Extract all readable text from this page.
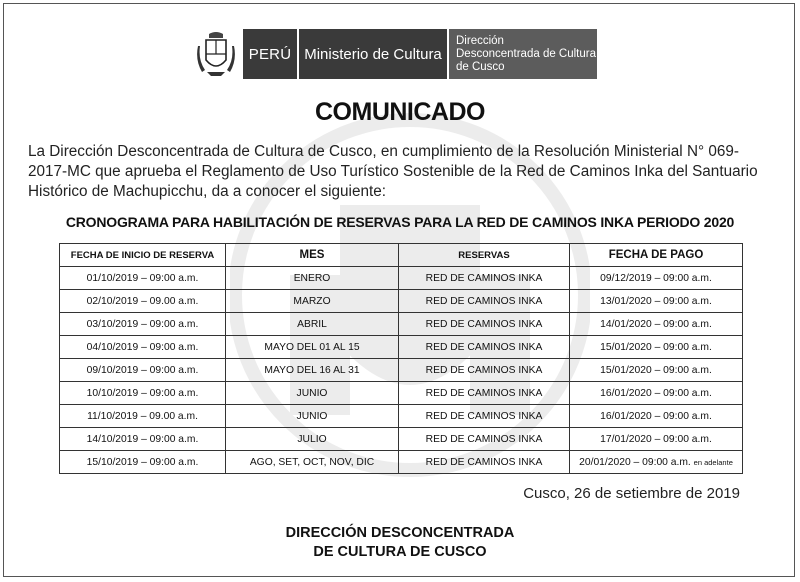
PERÚ Ministerio de Cultura
Dirección
Desconcentrada de Cultura
de Cusco
COMUNICADO
La Dirección Desconcentrada de Cultura de Cusco, en cumplimiento de la Resolución Ministerial N° 069-2017-MC que aprueba el Reglamento de Uso Turístico Sostenible de la Red de Caminos Inka del Santuario Histórico de Machupicchu, da a conocer el siguiente:
CRONOGRAMA PARA HABILITACIÓN DE RESERVAS PARA LA RED DE CAMINOS INKA PERIODO 2020
FECHA DE INICIO DE RESERVA	MES	RESERVAS	FECHA DE PAGO
01/10/2019 – 09:00 a.m.	ENERO	RED DE CAMINOS INKA	09/12/2019 – 09:00 a.m.
02/10/2019 – 09.00 a.m.	MARZO	RED DE CAMINOS INKA	13/01/2020 – 09:00 a.m.
03/10/2019 – 09:00 a.m.	ABRIL	RED DE CAMINOS INKA	14/01/2020 – 09:00 a.m.
04/10/2019 – 09:00 a.m.	MAYO DEL 01 AL 15	RED DE CAMINOS INKA	15/01/2020 – 09:00 a.m.
09/10/2019 – 09:00 a.m.	MAYO DEL 16 AL 31	RED DE CAMINOS INKA	15/01/2020 – 09:00 a.m.
10/10/2019 – 09:00 a.m.	JUNIO	RED DE CAMINOS INKA	16/01/2020 – 09:00 a.m.
11/10/2019 – 09.00 a.m.	JUNIO	RED DE CAMINOS INKA	16/01/2020 – 09:00 a.m.
14/10/2019 – 09:00 a.m.	JULIO	RED DE CAMINOS INKA	17/01/2020 – 09:00 a.m.
15/10/2019 – 09:00 a.m.	AGO, SET, OCT, NOV, DIC	RED DE CAMINOS INKA	20/01/2020 – 09:00 a.m. en adelante
Cusco, 26 de setiembre de 2019
DIRECCIÓN DESCONCENTRADA
DE CULTURA DE CUSCO
